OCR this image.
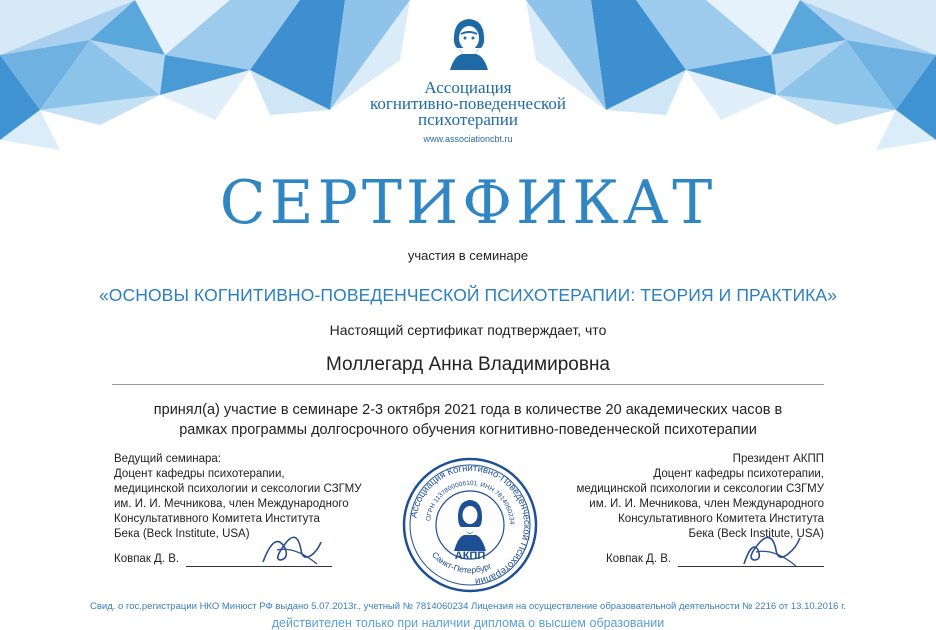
Ассоциация
когнитивно-поведенческой
психотерапии
www.associationcbt.ru
СЕРТИФИКАТ
участия в семинаре
«ОСНОВЫ КОГНИТИВНО-ПОВЕДЕНЧЕСКОЙ ПСИХОТЕРАПИИ: ТЕОРИЯ И ПРАКТИКА»
Настоящий сертификат подтверждает, что
Моллегард Анна Владимировна
принял(а) участие в семинаре 2-3 октября 2021 года в количестве 20 академических часов в
рамках программы долгосрочного обучения когнитивно-поведенческой психотерапии
Ведущий семинара:
Доцент кафедры психотерапии,
медицинской психологии и сексологии СЗГМУ
им. И. И. Мечникова, член Международного
Консультативного Комитета Института
Бека (Beck Institute, USA)
Ковпак Д. В.
Президент АКПП
Доцент кафедры психотерапии,
медицинской психологии и сексологии СЗГМУ
им. И. И. Мечникова, член Международного
Консультативного Комитета Института
Бека (Beck Institute, USA)
Ковпак Д. В.
Ассоциация Когнитивно-Поведенческой Психотерапии
ОГРН 1137800006101 ИНН 7814060234
АКПП
Санкт-Петербург
Свид. о гос.регистрации НКО Минюст РФ выдано 5.07.2013г., учетный № 7814060234 Лицензия на осуществление образовательной деятельности № 2216 от 13.10.2016 г.
действителен только при наличии диплома о высшем образовании
